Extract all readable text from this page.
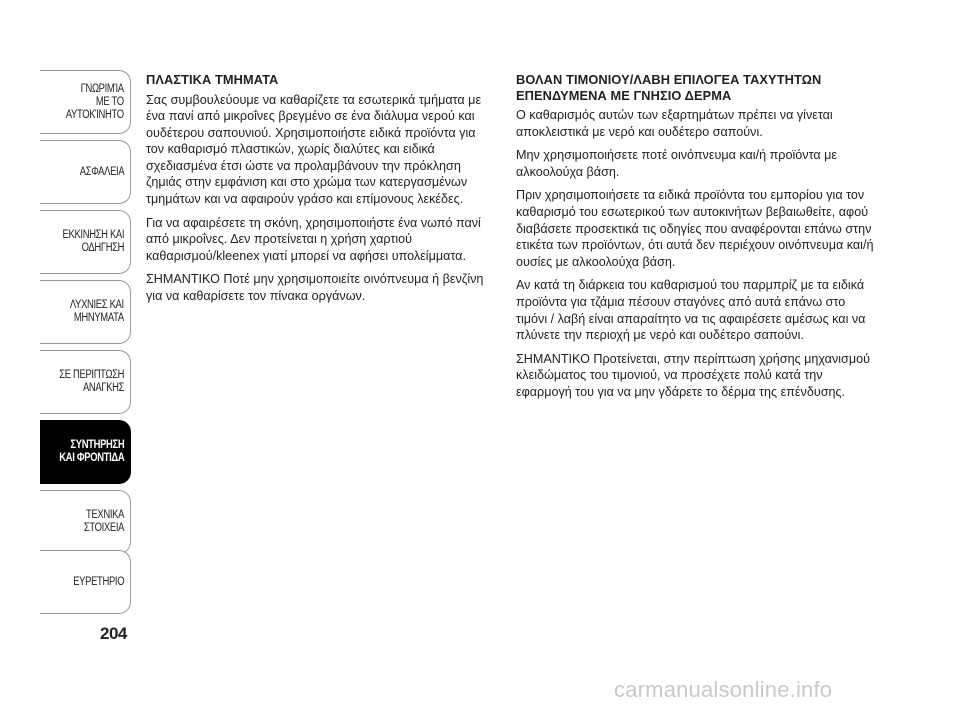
ΓΝΩΡΙΜΊΑ
ΜΕ ΤΟ
ΑΥΤΟΚΊΝΗΤΟ
ΑΣΦΑΛΕΙΑ
ΕΚΚΙΝΗΣΗ ΚΑΙ
ΟΔΗΓΗΣΗ
ΛΥΧΝΙΕΣ ΚΑΙ
ΜΗΝΥΜΑΤΑ
ΣΕ ΠΕΡΙΠΤΩΣΗ
ΑΝΑΓΚΗΣ
ΣΥΝΤΗΡΗΣΗ
ΚΑΙ ΦΡΟΝΤΙΔΑ
ΤΕΧΝΙΚΑ
ΣΤΟΙΧΕΙΑ
ΕΥΡΕΤΗΡΙΟ
204
ΠΛΑΣΤΙΚΑ ΤΜΗΜΑΤΑ

Σας συμβουλεύουμε να καθαρίζετε τα εσωτερικά τμήματα με ένα πανί από μικροΐνες βρεγμένο σε ένα διάλυμα νερού και ουδέτερου σαπουνιού. Χρησιμοποιήστε ειδικά προϊόντα για τον καθαρισμό πλαστικών, χωρίς διαλύτες και ειδικά σχεδιασμένα έτσι ώστε να προλαμβάνουν την πρόκληση ζημιάς στην εμφάνιση και στο χρώμα των κατεργασμένων τμημάτων και να αφαιρούν γράσο και επίμονους λεκέδες.

Για να αφαιρέσετε τη σκόνη, χρησιμοποιήστε ένα νωπό πανί από μικροΐνες. Δεν προτείνεται η χρήση χαρτιού καθαρισμού/kleenex γιατί μπορεί να αφήσει υπολείμματα.

ΣΗΜΑΝΤΙΚΟ Ποτέ μην χρησιμοποιείτε οινόπνευμα ή βενζίνη για να καθαρίσετε τον πίνακα οργάνων.

ΒΟΛΑΝ ΤΙΜΟΝΙΟΥ/ΛΑΒΗ ΕΠΙΛΟΓΕΑ ΤΑΧΥΤΗΤΩΝ ΕΠΕΝΔΥΜΕΝΑ ΜΕ ΓΝΗΣΙΟ ΔΕΡΜΑ

Ο καθαρισμός αυτών των εξαρτημάτων πρέπει να γίνεται αποκλειστικά με νερό και ουδέτερο σαπούνι.

Μην χρησιμοποιήσετε ποτέ οινόπνευμα και/ή προϊόντα με αλκοολούχα βάση.

Πριν χρησιμοποιήσετε τα ειδικά προϊόντα του εμπορίου για τον καθαρισμό του εσωτερικού των αυτοκινήτων βεβαιωθείτε, αφού διαβάσετε προσεκτικά τις οδηγίες που αναφέρονται επάνω στην ετικέτα των προϊόντων, ότι αυτά δεν περιέχουν οινόπνευμα και/ή ουσίες με αλκοολούχα βάση.

Αν κατά τη διάρκεια του καθαρισμού του παρμπρίζ με τα ειδικά προϊόντα για τζάμια πέσουν σταγόνες από αυτά επάνω στο τιμόνι / λαβή είναι απαραίτητο να τις αφαιρέσετε αμέσως και να πλύνετε την περιοχή με νερό και ουδέτερο σαπούνι.

ΣΗΜΑΝΤΙΚΟ Προτείνεται, στην περίπτωση χρήσης μηχανισμού κλειδώματος του τιμονιού, να προσέχετε πολύ κατά την εφαρμογή του για να μην γδάρετε το δέρμα της επένδυσης.

carmanualsonline.info
